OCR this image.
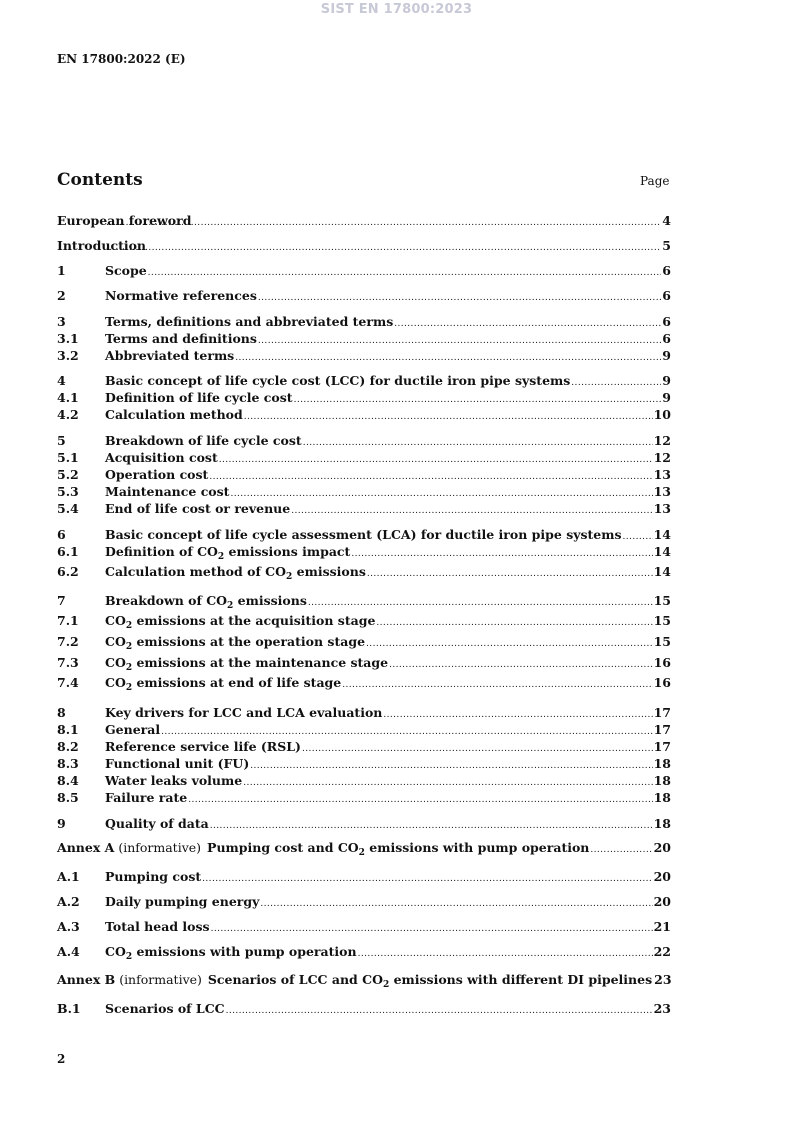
SIST EN 17800:2023
EN 17800:2022 (E)
Contents	Page
European foreword .....	4
Introduction .....	5
1	Scope .....	6
2	Normative references .....	6
3	Terms, definitions and abbreviated terms .....	6
3.1	Terms and definitions .....	6
3.2	Abbreviated terms .....	9
4	Basic concept of life cycle cost (LCC) for ductile iron pipe systems .....	9
4.1	Definition of life cycle cost .....	9
4.2	Calculation method .....	10
5	Breakdown of life cycle cost .....	12
5.1	Acquisition cost .....	12
5.2	Operation cost .....	13
5.3	Maintenance cost .....	13
5.4	End of life cost or revenue .....	13
6	Basic concept of life cycle assessment (LCA) for ductile iron pipe systems .....	14
6.1	Definition of $CO_2$ emissions impact .....	14
6.2	Calculation method of $CO_2$ emissions .....	14
7	Breakdown of $CO_2$ emissions .....	15
7.1	$CO_2$ emissions at the acquisition stage .....	15
7.2	$CO_2$ emissions at the operation stage .....	15
7.3	$CO_2$ emissions at the maintenance stage .....	16
7.4	$CO_2$ emissions at end of life stage .....	16
8	Key drivers for LCC and LCA evaluation .....	17
8.1	General .....	17
8.2	Reference service life (RSL) .....	17
8.3	Functional unit (FU) .....	18
8.4	Water leaks volume .....	18
8.5	Failure rate .....	18
9	Quality of data .....	18
Annex A (informative) Pumping cost and $CO_2$ emissions with pump operation .....	20
A.1	Pumping cost .....	20
A.2	Daily pumping energy .....	20
A.3	Total head loss .....	21
A.4	$CO_2$ emissions with pump operation .....	22
Annex B (informative) Scenarios of LCC and $CO_2$ emissions with different DI pipelines 23
B.1	Scenarios of LCC .....	23
2
